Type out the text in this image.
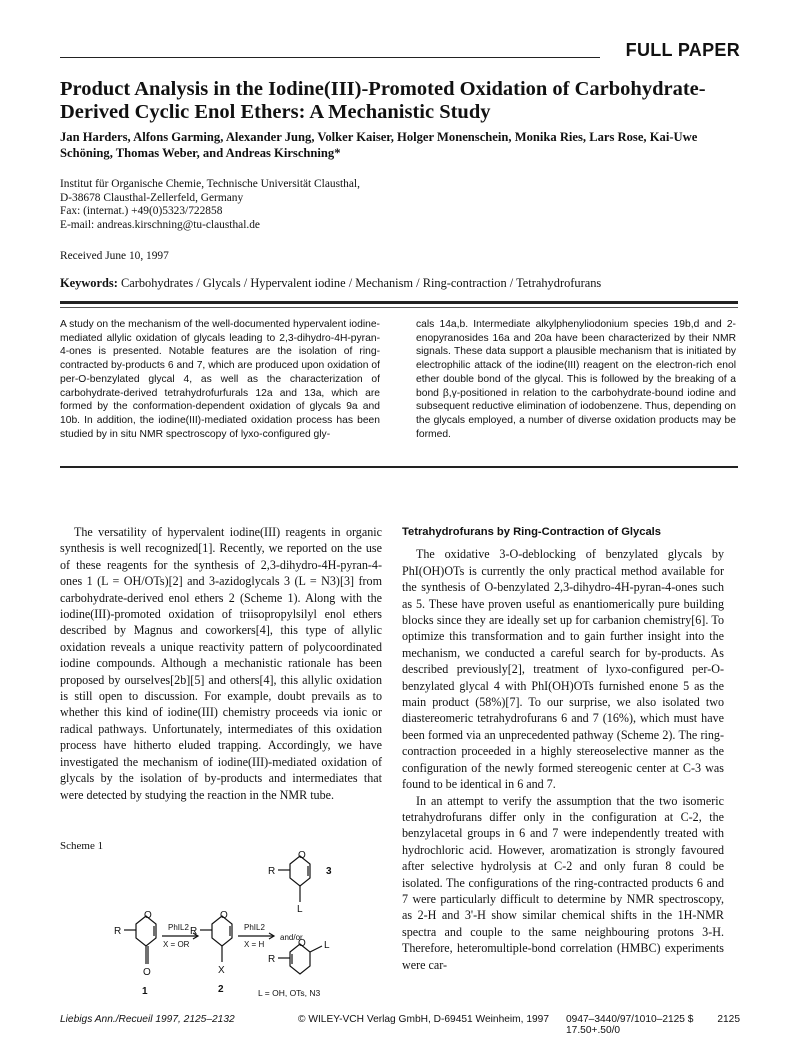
FULL PAPER
Product Analysis in the Iodine(III)-Promoted Oxidation of Carbohydrate-Derived Cyclic Enol Ethers: A Mechanistic Study
Jan Harders, Alfons Garming, Alexander Jung, Volker Kaiser, Holger Monenschein, Monika Ries, Lars Rose, Kai-Uwe Schöning, Thomas Weber, and Andreas Kirschning*
Institut für Organische Chemie, Technische Universität Clausthal,
D-38678 Clausthal-Zellerfeld, Germany
Fax: (internat.) +49(0)5323/722858
E-mail: andreas.kirschning@tu-clausthal.de
Received June 10, 1997
Keywords: Carbohydrates / Glycals / Hypervalent iodine / Mechanism / Ring-contraction / Tetrahydrofurans
A study on the mechanism of the well-documented hypervalent iodine-mediated allylic oxidation of glycals leading to 2,3-dihydro-4H-pyran-4-ones is presented. Notable features are the isolation of ring-contracted by-products 6 and 7, which are produced upon oxidation of per-O-benzylated glycal 4, as well as the characterization of carbohydrate-derived tetrahydrofurfurals 12a and 13a, which are formed by the conformation-dependent oxidation of glycals 9a and 10b. In addition, the iodine(III)-mediated oxidation process has been studied by in situ NMR spectroscopy of lyxo-configured gly-
cals 14a,b. Intermediate alkylphenyliodonium species 19b,d and 2-enopyranosides 16a and 20a have been characterized by their NMR signals. These data support a plausible mechanism that is initiated by electrophilic attack of the iodine(III) reagent on the electron-rich enol ether double bond of the glycal. This is followed by the breaking of a bond β,γ-positioned in relation to the carbohydrate-bound iodine and subsequent reductive elimination of iodobenzene. Thus, depending on the glycals employed, a number of diverse oxidation products may be formed.

The versatility of hypervalent iodine(III) reagents in organic synthesis is well recognized[1]. Recently, we reported on the use of these reagents for the synthesis of 2,3-dihydro-4H-pyran-4-ones 1 (L = OH/OTs)[2] and 3-azidoglycals 3 (L = N3)[3] from carbohydrate-derived enol ethers 2 (Scheme 1). Along with the iodine(III)-promoted oxidation of triisopropylsilyl enol ethers described by Magnus and coworkers[4], this type of allylic oxidation reveals a unique reactivity pattern of polycoordinated iodine compounds. Although a mechanistic rationale has been proposed by ourselves[2b][5] and others[4], this allylic oxidation is still open to discussion. For example, doubt prevails as to whether this kind of iodine(III) chemistry proceeds via ionic or radical pathways. Unfortunately, intermediates of this oxidation process have hitherto eluded trapping. Accordingly, we have investigated the mechanism of iodine(III)-mediated oxidation of glycals by the isolation of by-products and intermediates that were detected by studying the reaction in the NMR tube.

Tetrahydrofurans by Ring-Contraction of Glycals

The oxidative 3-O-deblocking of benzylated glycals by PhI(OH)OTs is currently the only practical method available for the synthesis of O-benzylated 2,3-dihydro-4H-pyran-4-ones such as 5. These have proven useful as enantiomerically pure building blocks since they are ideally set up for carbanion chemistry[6]. To optimize this transformation and to gain further insight into the mechanism, we conducted a careful search for by-products. As described previously[2], treatment of lyxo-configured per-O-benzylated glycal 4 with PhI(OH)OTs furnished enone 5 as the main product (58%)[7]. To our surprise, we also isolated two diastereomeric tetrahydrofurans 6 and 7 (16%), which must have been formed via an unprecedented pathway (Scheme 2). The ring-contraction proceeded in a highly stereoselective manner as the configuration of the newly formed stereogenic center at C-3 was found to be identical in 6 and 7.

In an attempt to verify the assumption that the two isomeric tetrahydrofurans differ only in the configuration at C-2, the benzylacetal groups in 6 and 7 were independently treated with hydrochloric acid. However, aromatization is strongly favoured after selective hydrolysis at C-2 and only furan 8 could be isolated. The configurations of the ring-contracted products 6 and 7 were particularly difficult to determine by NMR spectroscopy, as 2-H and 3'-H show similar chemical shifts in the 1H-NMR spectra and couple to the same neighbouring protons 3-H. Therefore, heteromultiple-bond correlation (HMBC) experiments were car-

Scheme 1
O
R
O
1
PhIL2
X = OR
O
R
X
2
PhIL2
X = H
and/or
O
R
L
3
O
R
L
L = OH, OTs, N3
Liebigs Ann./Recueil 1997, 2125–2132	© WILEY-VCH Verlag GmbH, D-69451 Weinheim, 1997 0947–3440/97/1010–2125 $ 17.50+.50/0
2125
